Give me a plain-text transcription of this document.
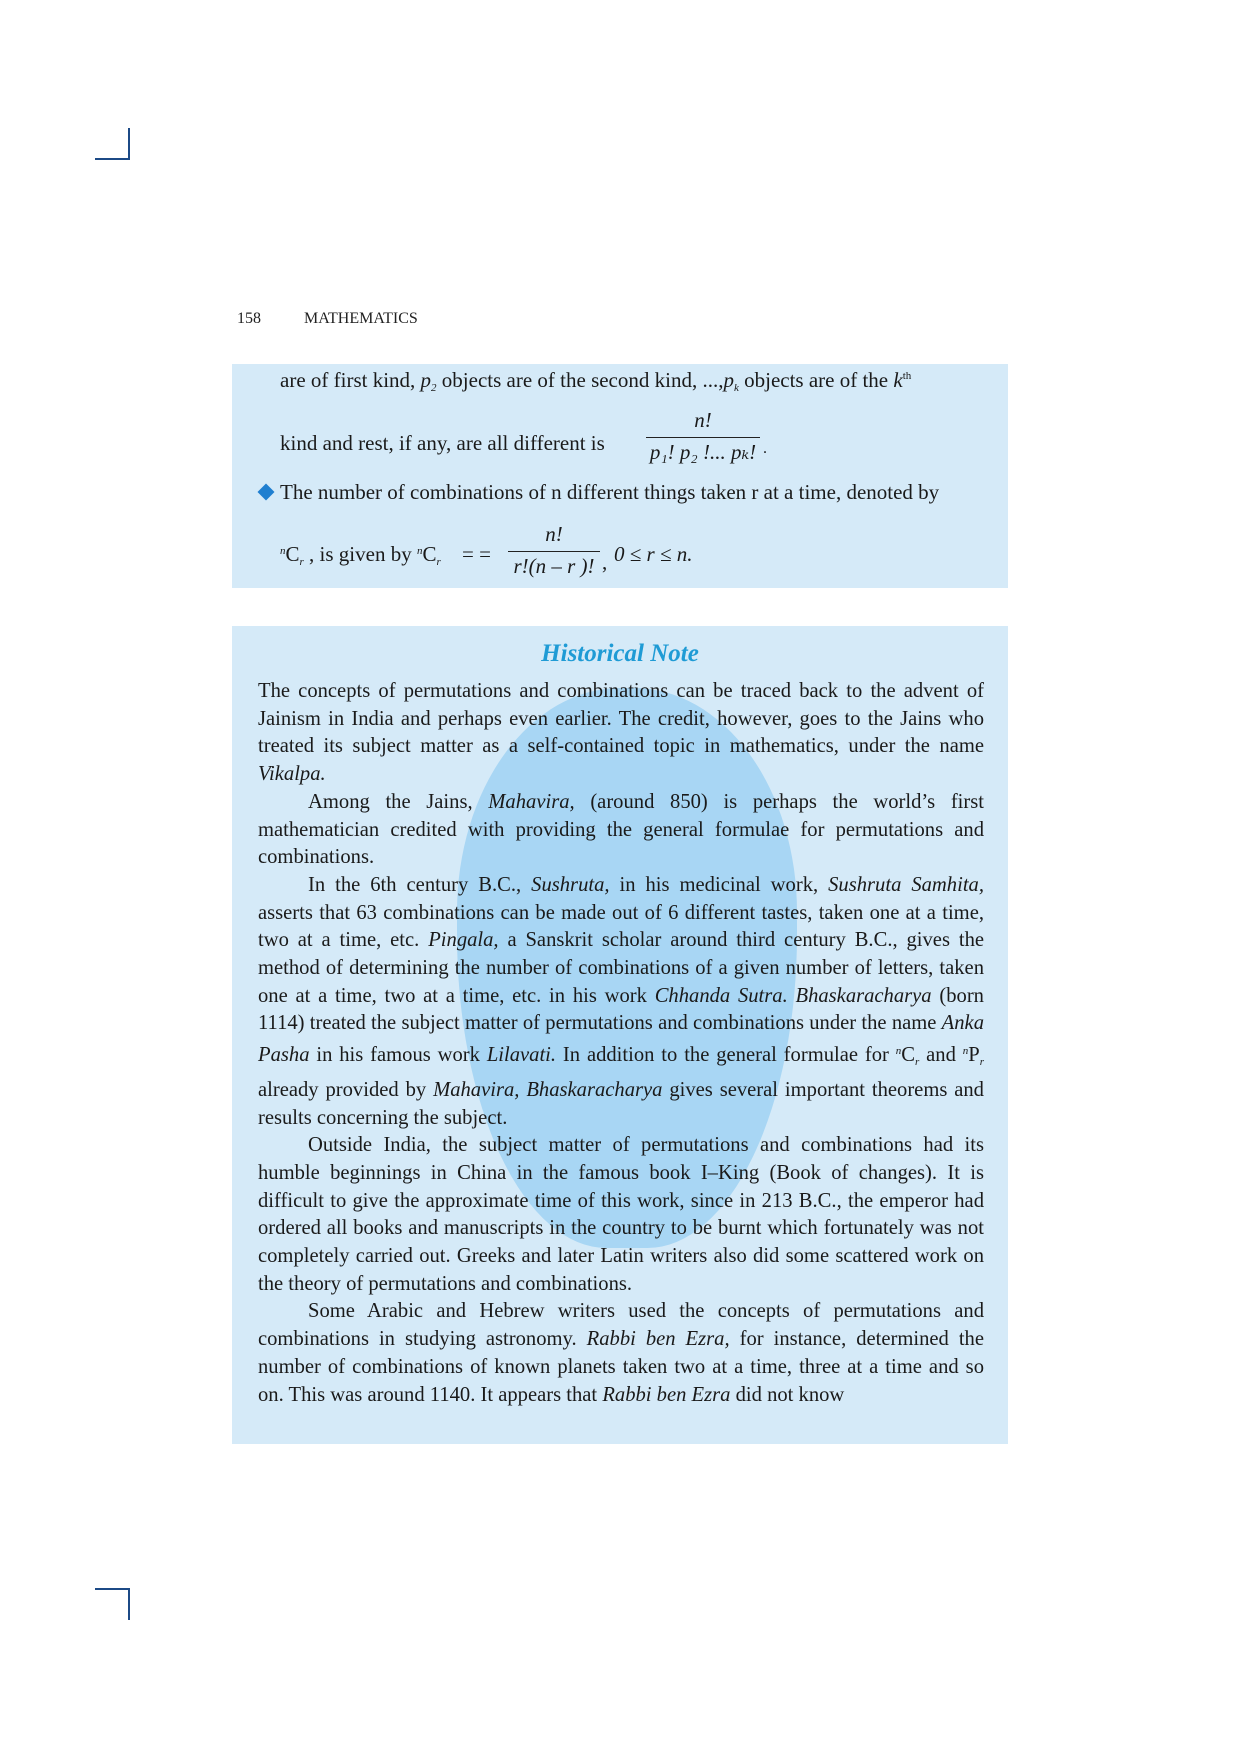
158	MATHEMATICS
are of first kind, $p_2$ objects are of the second kind, $...,p_k$ objects are of the $k^{th}$
kind and rest, if any, are all different is $\frac{n!}{\text{p₁! p₂ !... pₖ!}}$ .
The number of combinations of n different things taken r at a time, denoted by
$^nC_r$ , is given by $^nC_r$ = = $\frac{n!}{r!(n - r )!}$ , 0 ≤ r ≤ n.
Historical Note

The concepts of permutations and combinations can be traced back to the advent of Jainism in India and perhaps even earlier. The credit, however, goes to the Jains who treated its subject matter as a self-contained topic in mathematics, under the name Vikalpa.

Among the Jains, Mahavira, (around 850) is perhaps the world’s first mathematician credited with providing the general formulae for permutations and combinations.

In the 6th century B.C., Sushruta, in his medicinal work, Sushruta Samhita, asserts that 63 combinations can be made out of 6 different tastes, taken one at a time, two at a time, etc. Pingala, a Sanskrit scholar around third century B.C., gives the method of determining the number of combinations of a given number of letters, taken one at a time, two at a time, etc. in his work Chhanda Sutra. Bhaskaracharya (born 1114) treated the subject matter of permutations and combinations under the name Anka Pasha in his famous work Lilavati. In addition to the general formulae for $^nC_r$ and $^nP_r$ already provided by Mahavira, Bhaskaracharya gives several important theorems and results concerning the subject.

Outside India, the subject matter of permutations and combinations had its humble beginnings in China in the famous book I–King (Book of changes). It is difficult to give the approximate time of this work, since in 213 B.C., the emperor had ordered all books and manuscripts in the country to be burnt which fortunately was not completely carried out. Greeks and later Latin writers also did some scattered work on the theory of permutations and combinations.

Some Arabic and Hebrew writers used the concepts of permutations and combinations in studying astronomy. Rabbi ben Ezra, for instance, determined the number of combinations of known planets taken two at a time, three at a time and so on. This was around 1140. It appears that Rabbi ben Ezra did not know
